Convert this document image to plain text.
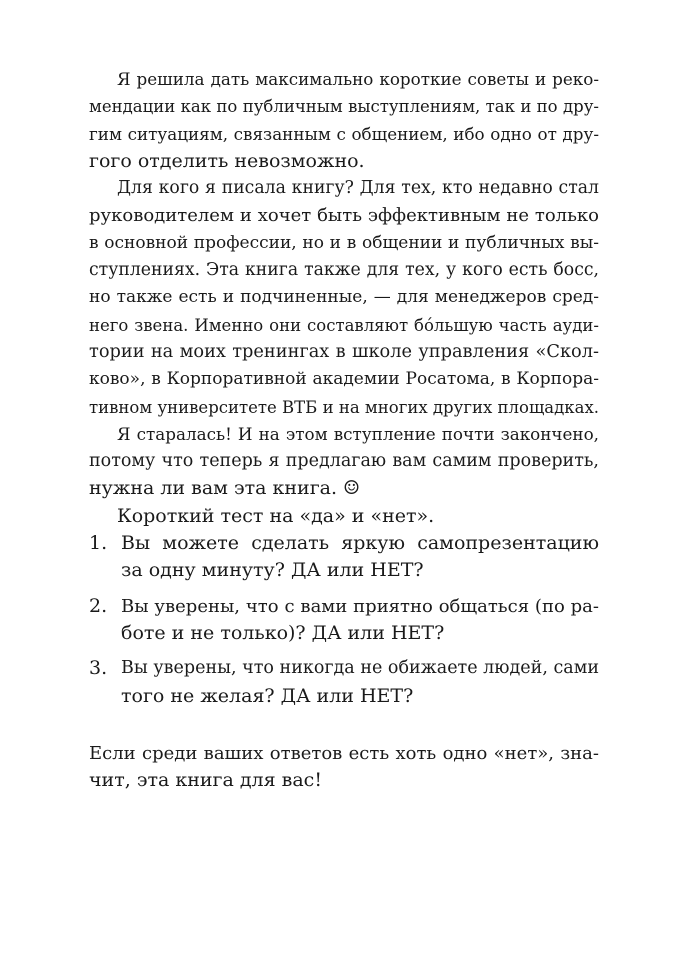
Я решила дать максимально короткие советы и реко-
мендации как по публичным выступлениям, так и по дру-
гим ситуациям, связанным с общением, ибо одно от дру-
гого отделить невозможно.
Для кого я писала книгу? Для тех, кто недавно стал
руководителем и хочет быть эффективным не только
в основной профессии, но и в общении и публичных вы-
ступлениях. Эта книга также для тех, у кого есть босс,
но также есть и подчиненные, — для менеджеров сред-
него звена. Именно они составляют бóльшую часть ауди-
тории на моих тренингах в школе управления «Скол-
ково», в Корпоративной академии Росатома, в Корпора-
тивном университете ВТБ и на многих других площадках.
Я старалась! И на этом вступление почти закончено,
потому что теперь я предлагаю вам самим проверить,
нужна ли вам эта книга. ☺
Короткий тест на «да» и «нет».
1. Вы можете сделать яркую самопрезентацию
за одну минуту? ДА или НЕТ?
2. Вы уверены, что с вами приятно общаться (по ра-
боте и не только)? ДА или НЕТ?
3. Вы уверены, что никогда не обижаете людей, сами
того не желая? ДА или НЕТ?
Если среди ваших ответов есть хоть одно «нет», зна-
чит, эта книга для вас!
